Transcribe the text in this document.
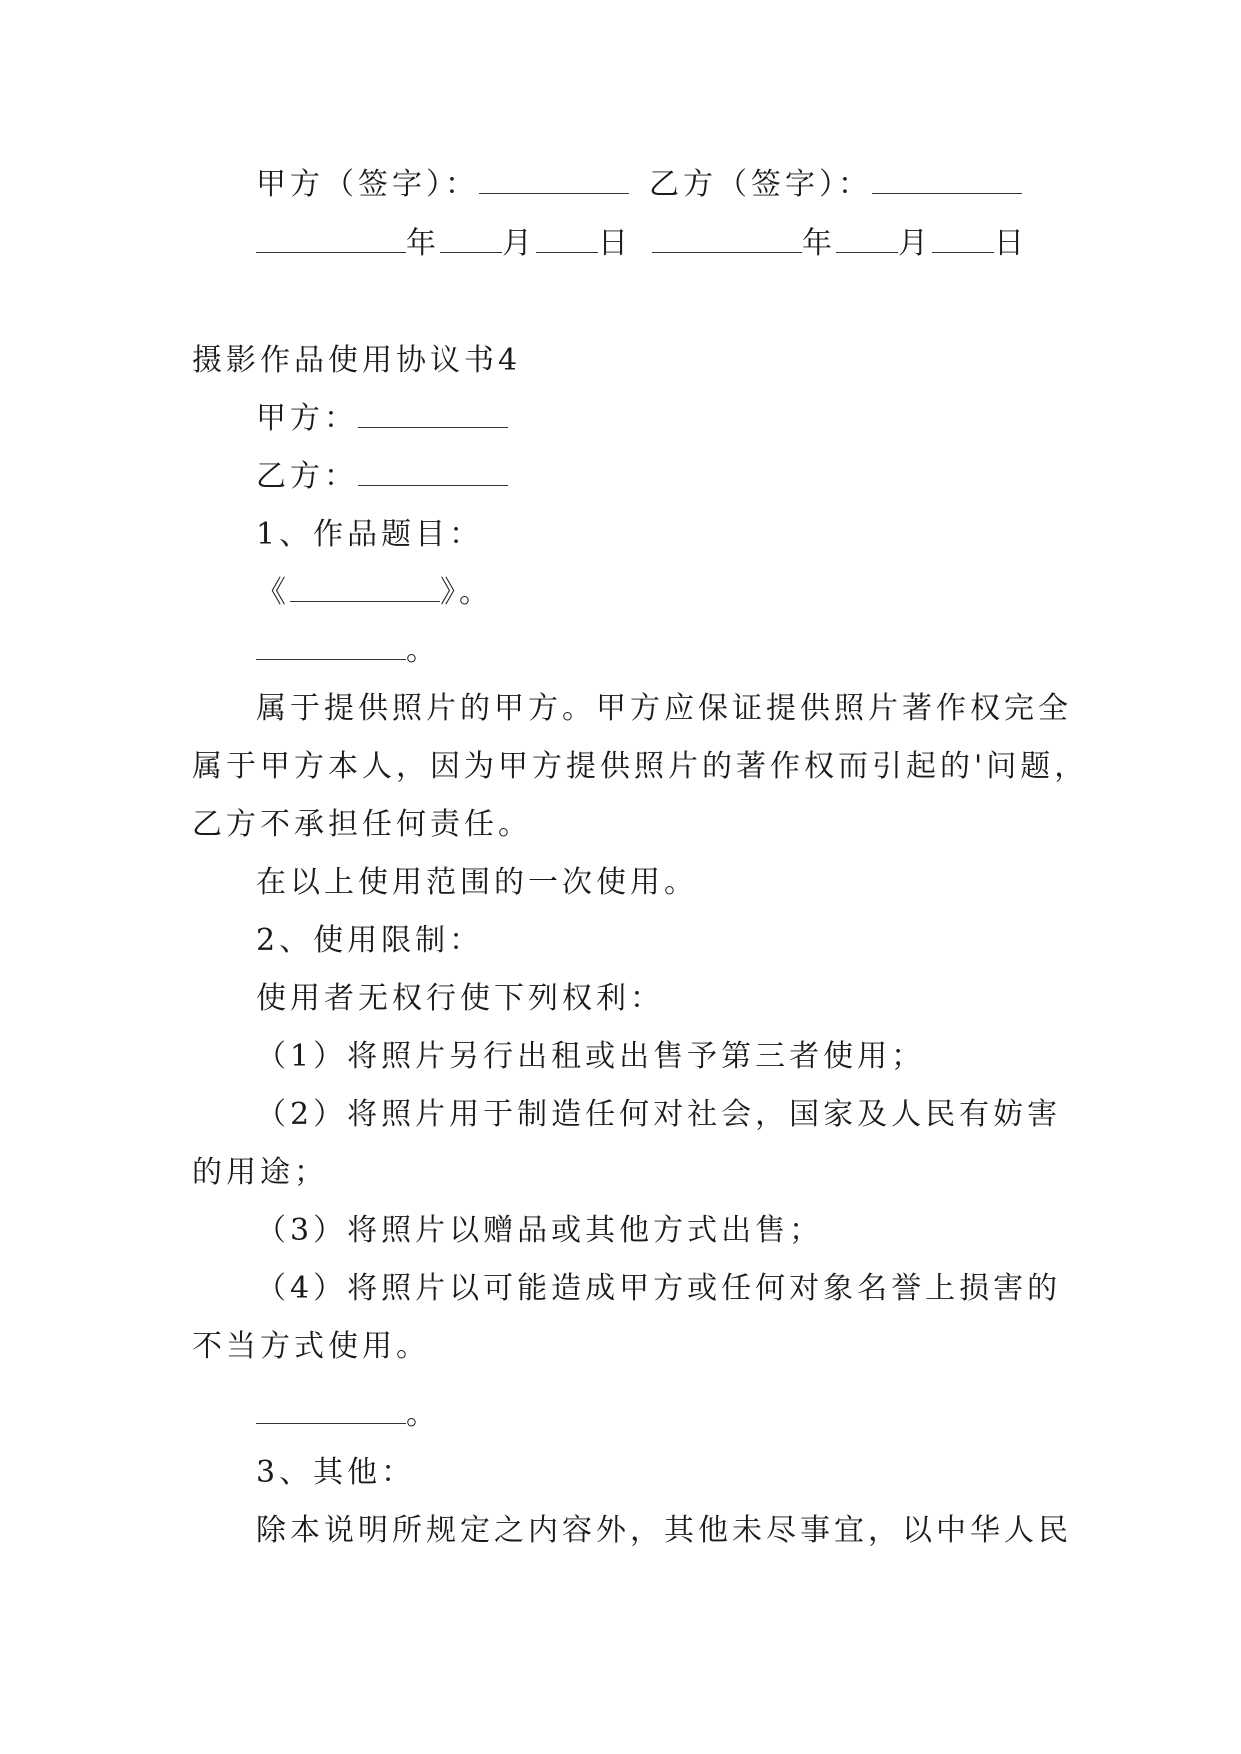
甲方（签字）：	乙方（签字）：
年 月 日	年 月 日
摄影作品使用协议书4
甲方：
乙方：
1、作品题目：
《	》。
。
属于提供照片的甲方。甲方应保证提供照片著作权完全
属于甲方本人，因为甲方提供照片的著作权而引起的'问题，
乙方不承担任何责任。
在以上使用范围的一次使用。
2、使用限制：
使用者无权行使下列权利：
（1）将照片另行出租或出售予第三者使用；
（2）将照片用于制造任何对社会，国家及人民有妨害
的用途；
（3）将照片以赠品或其他方式出售；
（4）将照片以可能造成甲方或任何对象名誉上损害的
不当方式使用。
。
3、其他：
除本说明所规定之内容外，其他未尽事宜，以中华人民
